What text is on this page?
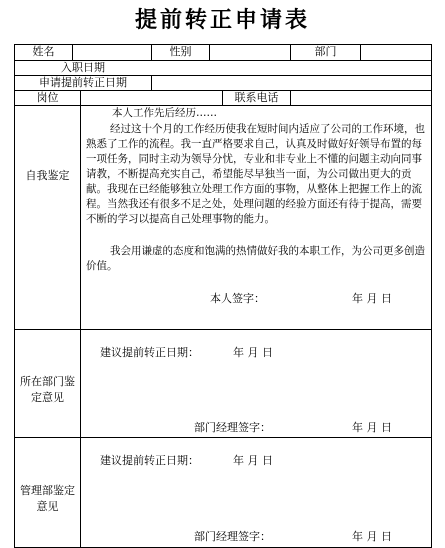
提前转正申请表
姓名	性别	部门
入职日期
申请提前转正日期
岗位	联系电话
自我鉴定
本人工作先后经历……
经过这十个月的工作经历使我在短时间内适应了公司的工作环境，也熟悉了工作的流程。我一直严格要求自己，认真及时做好好领导布置的每一项任务，同时主动为领导分忧，专业和非专业上不懂的问题主动向同事请教，不断提高充实自己，希望能尽早独当一面，为公司做出更大的贡献。我现在已经能够独立处理工作方面的事物，从整体上把握工作上的流程。当然我还有很多不足之处，处理问题的经验方面还有待于提高，需要不断的学习以提高自己处理事物的能力。
我会用谦虚的态度和饱满的热情做好我的本职工作，为公司更多创造价值。
本人签字：	年 月 日
所在部门鉴
定意见
建议提前转正日期：	年 月 日
部门经理签字：	年 月 日
管理部鉴定
意见
建议提前转正日期：	年 月 日
部门经理签字：	年 月 日
